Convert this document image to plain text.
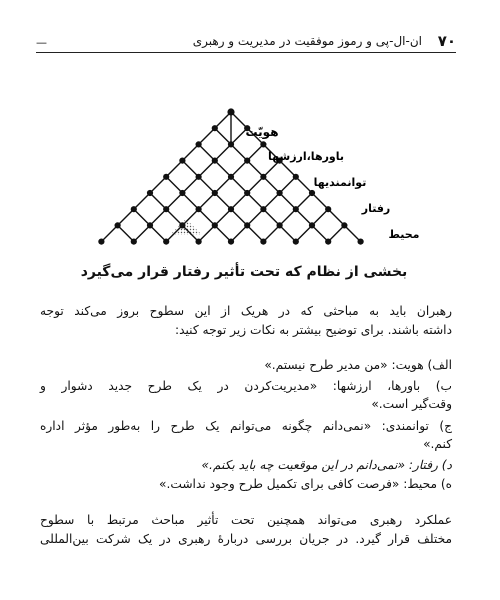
—	ان-ال-پی و رموز موفقیت در مدیریت و رهبری ۷۰
هویّت
باورها،ارزشها
توانمندیها
رفتار
محیط
بخشی از نظام که تحت تأثیر رفتار قرار می‌گیرد
رهبران باید به مباحثی که در هریک از این سطوح بروز می‌کند توجه
داشته باشند. برای توضیح بیشتر به نکات زیر توجه کنید:
الف) هویت: «من مدیر طرح نیستم.»
ب) باورها، ارزشها: «مدیریت‌کردن در یک طرح جدید دشوار و
وقت‌گیر است.»
ج) توانمندی: «نمی‌دانم چگونه می‌توانم یک طرح را به‌طور مؤثر اداره
کنم.»
د) رفتار: «نمی‌دانم در این موقعیت چه باید بکنم.»
ه) محیط: «فرصت کافی برای تکمیل طرح وجود نداشت.»
عملکرد رهبری می‌تواند همچنین تحت تأثیر مباحث مرتبط با سطوح
مختلف قرار گیرد. در جریان بررسی دربارهٔ رهبری در یک شرکت بین‌المللی
